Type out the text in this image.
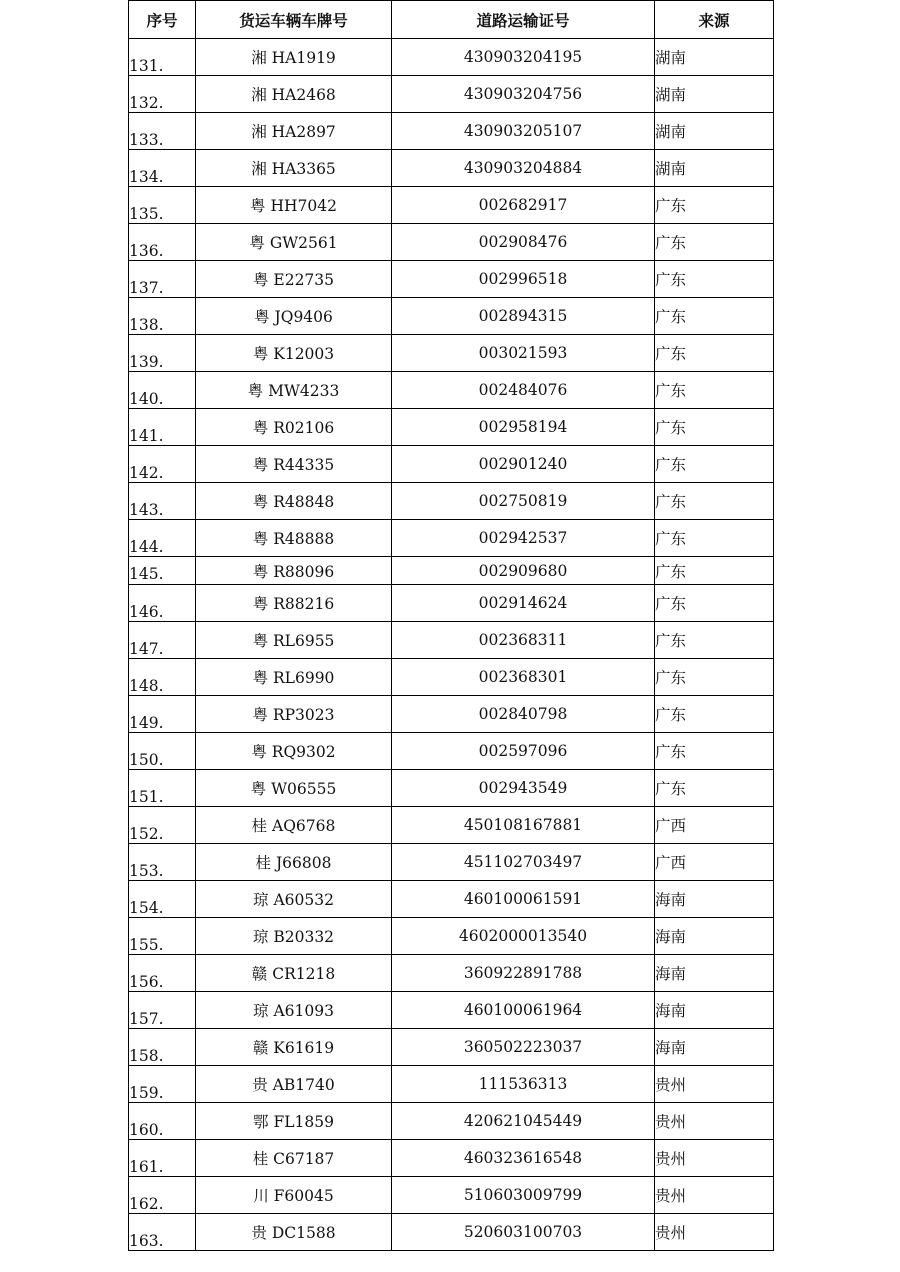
序号	货运车辆车牌号	道路运输证号	来源
131.	湘 HA1919	430903204195	湖南
132.	湘 HA2468	430903204756	湖南
133.	湘 HA2897	430903205107	湖南
134.	湘 HA3365	430903204884	湖南
135.	粤 HH7042	002682917	广东
136.	粤 GW2561	002908476	广东
137.	粤 E22735	002996518	广东
138.	粤 JQ9406	002894315	广东
139.	粤 K12003	003021593	广东
140.	粤 MW4233	002484076	广东
141.	粤 R02106	002958194	广东
142.	粤 R44335	002901240	广东
143.	粤 R48848	002750819	广东
144.	粤 R48888	002942537	广东
145.	粤 R88096	002909680	广东
146.	粤 R88216	002914624	广东
147.	粤 RL6955	002368311	广东
148.	粤 RL6990	002368301	广东
149.	粤 RP3023	002840798	广东
150.	粤 RQ9302	002597096	广东
151.	粤 W06555	002943549	广东
152.	桂 AQ6768	450108167881	广西
153.	桂 J66808	451102703497	广西
154.	琼 A60532	460100061591	海南
155.	琼 B20332	4602000013540	海南
156.	赣 CR1218	360922891788	海南
157.	琼 A61093	460100061964	海南
158.	赣 K61619	360502223037	海南
159.	贵 AB1740	111536313	贵州
160.	鄂 FL1859	420621045449	贵州
161.	桂 C67187	460323616548	贵州
162.	川 F60045	510603009799	贵州
163.	贵 DC1588	520603100703	贵州
